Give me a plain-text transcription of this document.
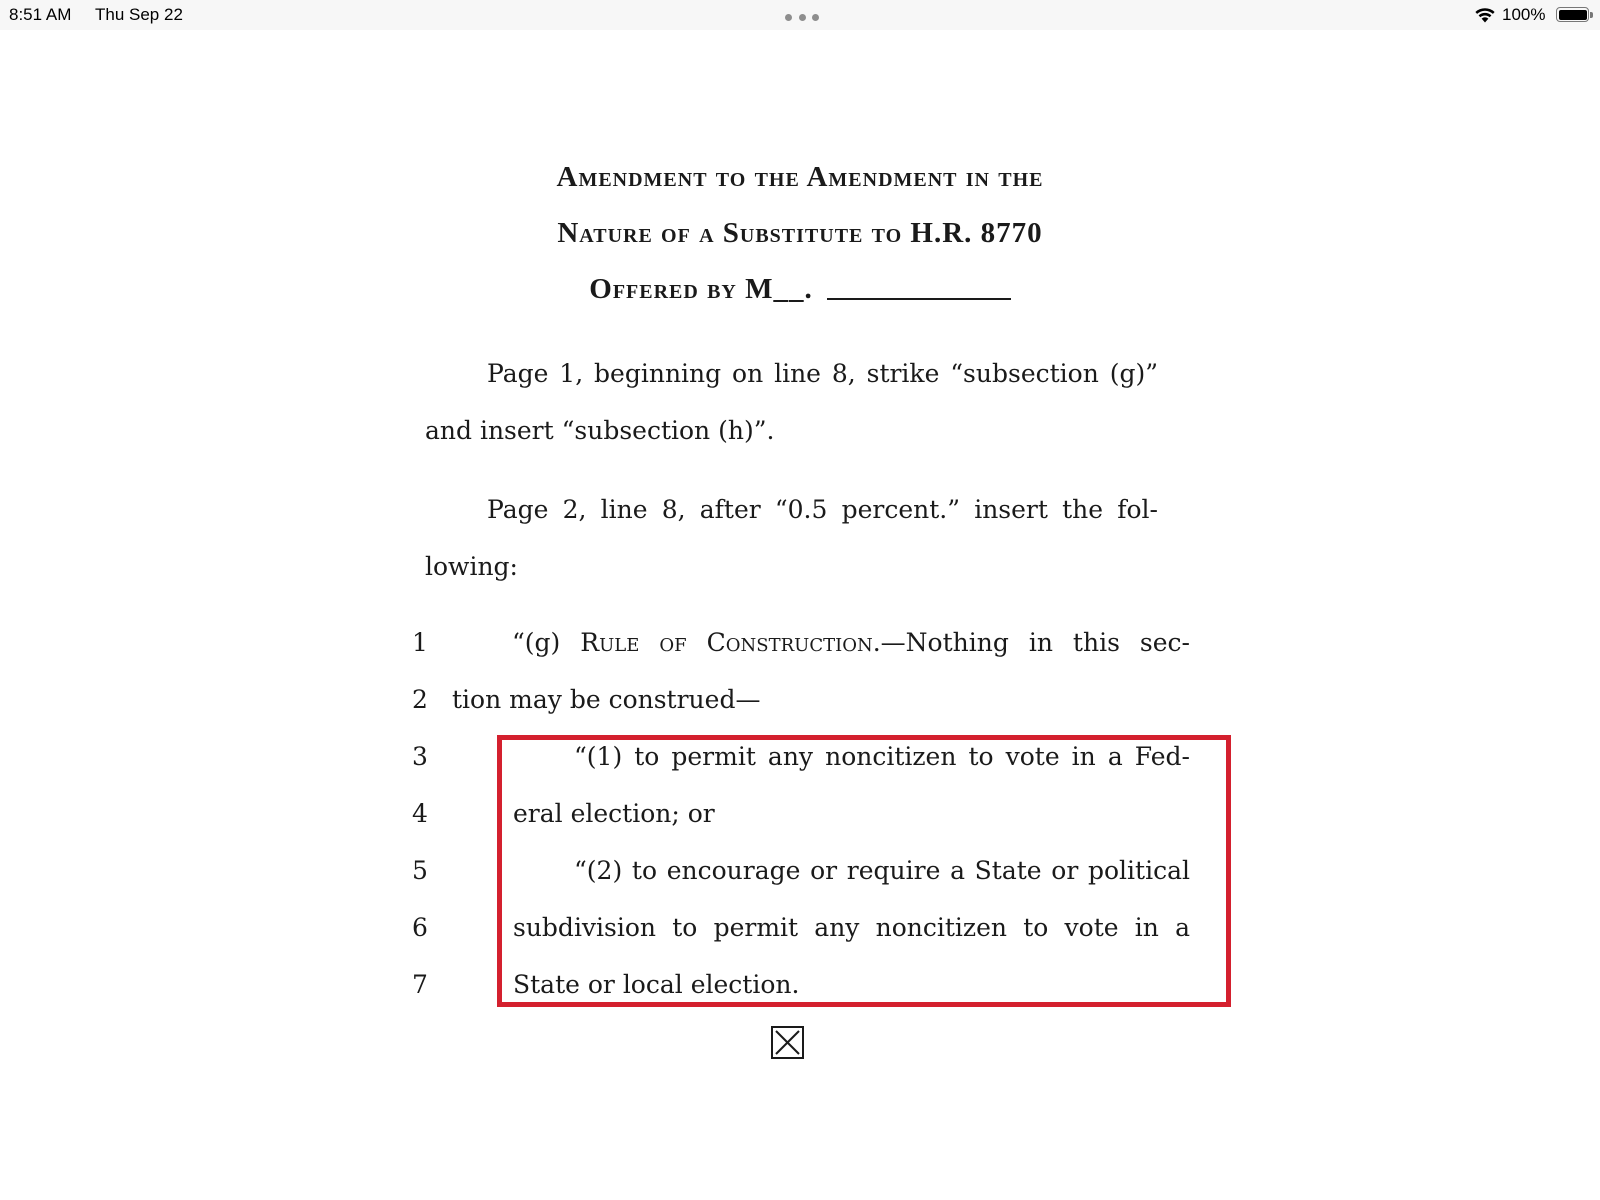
8:51 AM Thu Sep 22	100%
Amendment to the Amendment in the
Nature of a Substitute to H.R. 8770
Offered by M__.
Page 1, beginning on line 8, strike “subsection (g)”
and insert “subsection (h)”.
Page 2, line 8, after “0.5 percent.” insert the fol-
lowing:
1	“(g) Rule of Construction.—Nothing in this sec-
2 tion may be construed—
3	“(1) to permit any noncitizen to vote in a Fed-
4	eral election; or
5	“(2) to encourage or require a State or political
6	subdivision to permit any noncitizen to vote in a
7	State or local election.
